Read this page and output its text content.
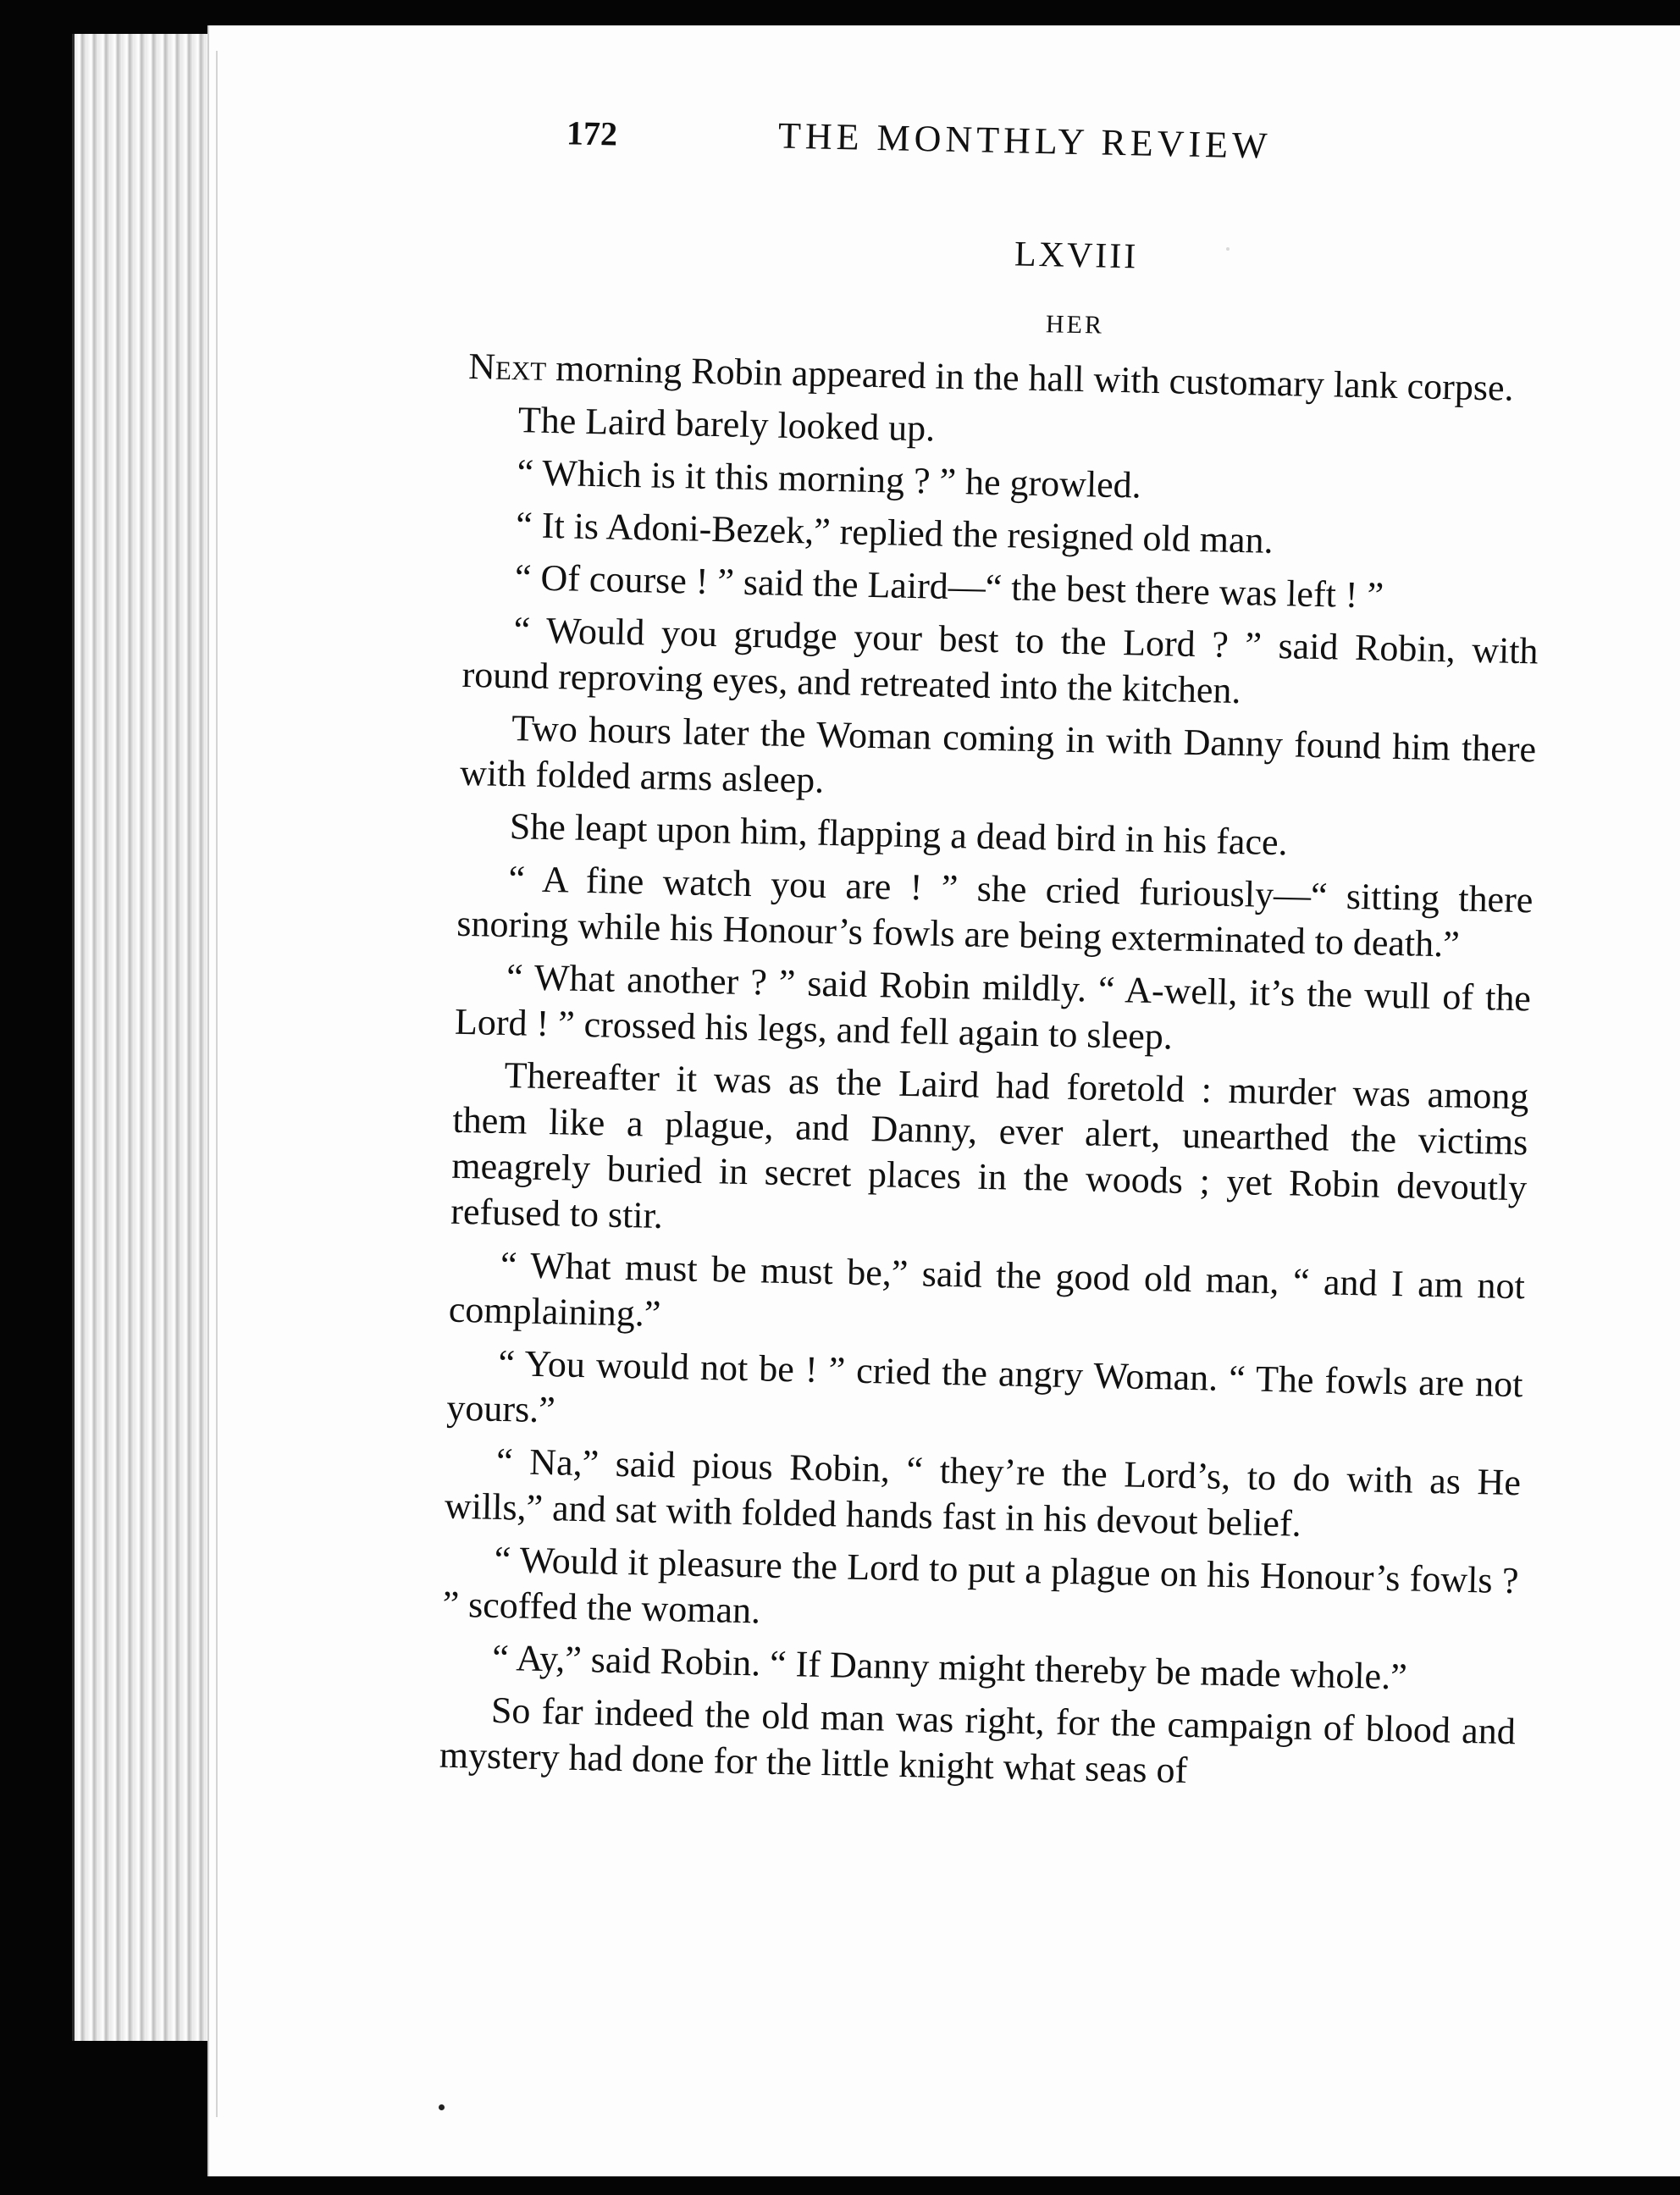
172	THE MONTHLY REVIEW
LXVIII
HER

Next morning Robin appeared in the hall with customary lank corpse.

The Laird barely looked up.

“ Which is it this morning ? ” he growled.

“ It is Adoni-Bezek,” replied the resigned old man.

“ Of course ! ” said the Laird—“ the best there was left ! ”

“ Would you grudge your best to the Lord ? ” said Robin, with round reproving eyes, and retreated into the kitchen.

Two hours later the Woman coming in with Danny found him there with folded arms asleep.

She leapt upon him, flapping a dead bird in his face.

“ A fine watch you are ! ” she cried furiously—“ sitting there snoring while his Honour’s fowls are being exterminated to death.”

“ What another ? ” said Robin mildly. “ A-well, it’s the wull of the Lord ! ” crossed his legs, and fell again to sleep.

Thereafter it was as the Laird had foretold : murder was among them like a plague, and Danny, ever alert, unearthed the victims meagrely buried in secret places in the woods ; yet Robin devoutly refused to stir.

“ What must be must be,” said the good old man, “ and I am not complaining.”

“ You would not be ! ” cried the angry Woman. “ The fowls are not yours.”

“ Na,” said pious Robin, “ they’re the Lord’s, to do with as He wills,” and sat with folded hands fast in his devout belief.

“ Would it pleasure the Lord to put a plague on his Honour’s fowls ? ” scoffed the woman.

“ Ay,” said Robin. “ If Danny might thereby be made whole.”

So far indeed the old man was right, for the campaign of blood and mystery had done for the little knight what seas of
